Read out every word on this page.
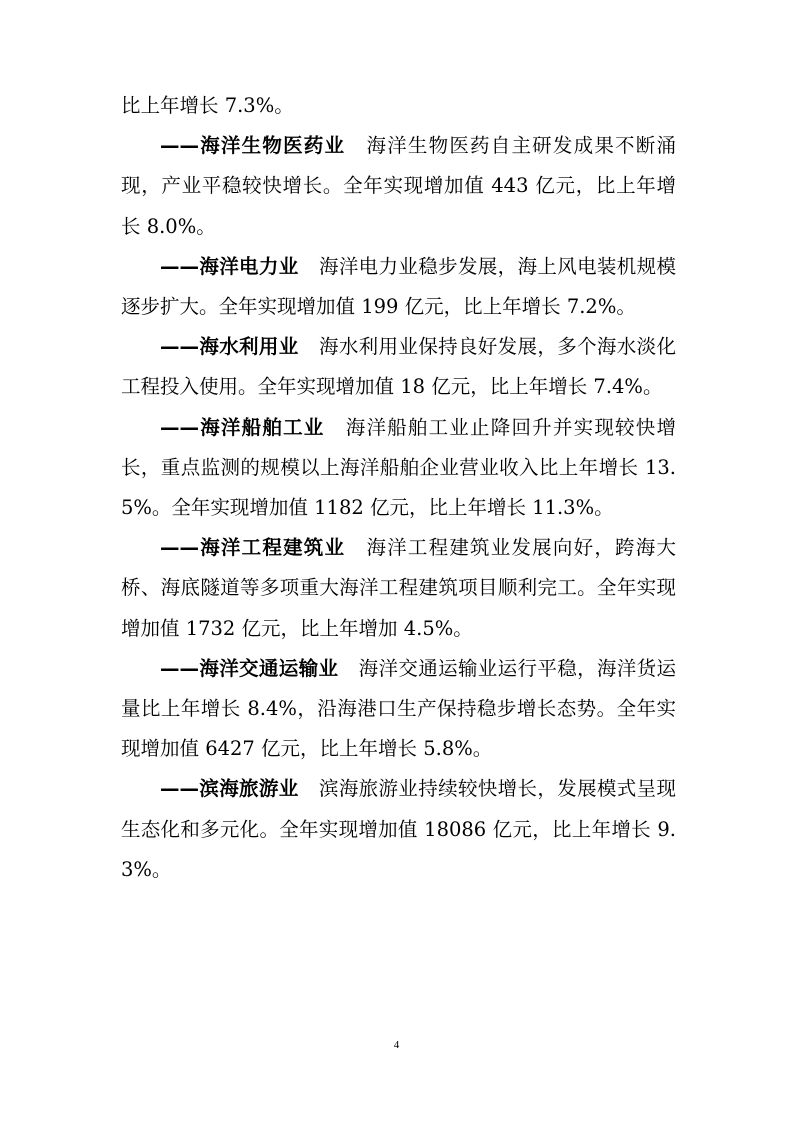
比上年增长 7.3%。

——海洋生物医药业 海洋生物医药自主研发成果不断涌现，产业平稳较快增长。全年实现增加值 443 亿元，比上年增长 8.0%。

——海洋电力业 海洋电力业稳步发展，海上风电装机规模逐步扩大。全年实现增加值 199 亿元，比上年增长 7.2%。

——海水利用业 海水利用业保持良好发展，多个海水淡化工程投入使用。全年实现增加值 18 亿元，比上年增长 7.4%。

——海洋船舶工业 海洋船舶工业止降回升并实现较快增长，重点监测的规模以上海洋船舶企业营业收入比上年增长 13.5%。全年实现增加值 1182 亿元，比上年增长 11.3%。

——海洋工程建筑业 海洋工程建筑业发展向好，跨海大桥、海底隧道等多项重大海洋工程建筑项目顺利完工。全年实现增加值 1732 亿元，比上年增加 4.5%。

——海洋交通运输业 海洋交通运输业运行平稳，海洋货运量比上年增长 8.4%，沿海港口生产保持稳步增长态势。全年实现增加值 6427 亿元，比上年增长 5.8%。

——滨海旅游业 滨海旅游业持续较快增长，发展模式呈现生态化和多元化。全年实现增加值 18086 亿元，比上年增长 9.3%。

4
